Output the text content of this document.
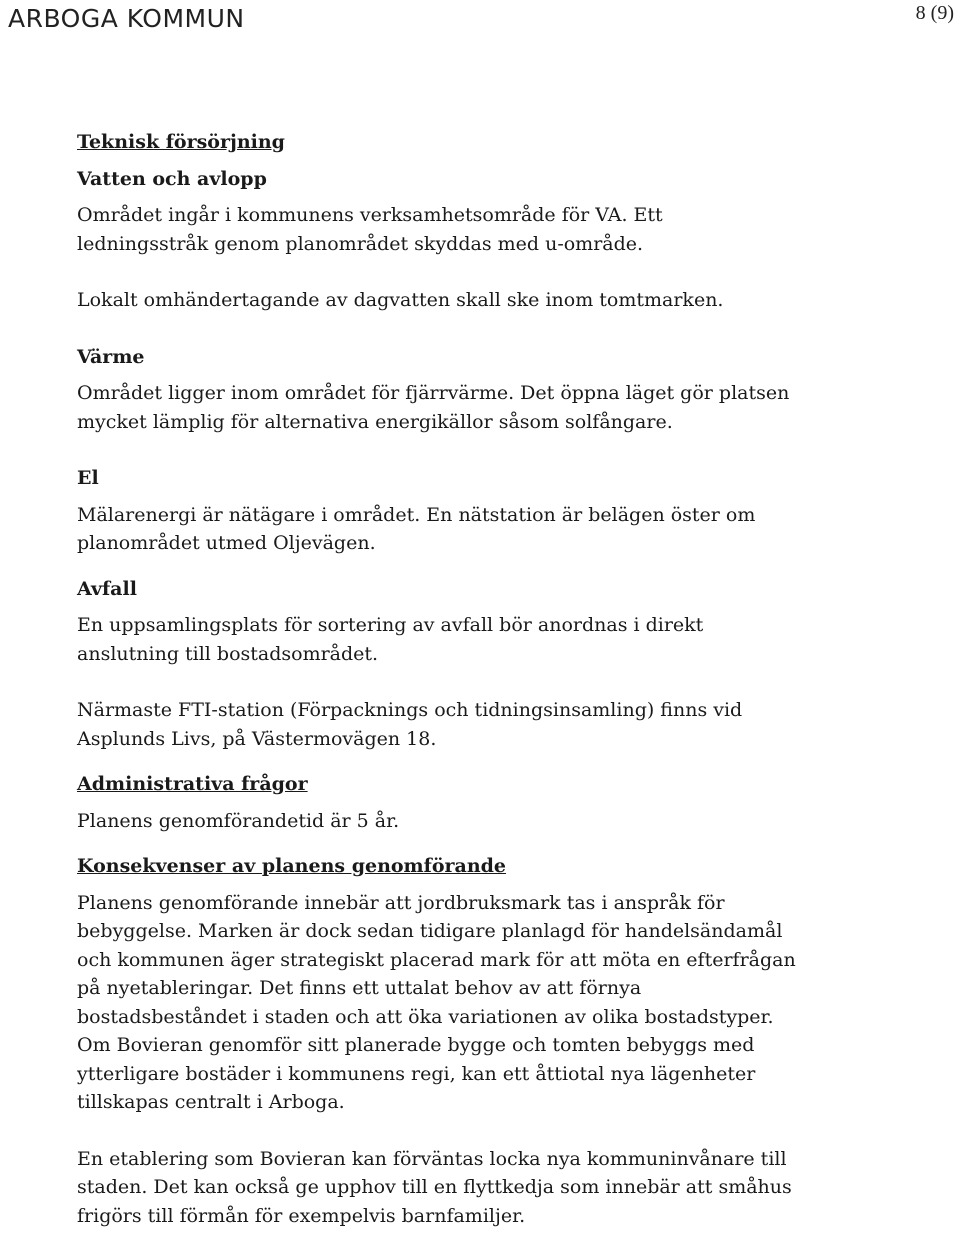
ARBOGA KOMMUN	8 (9)
Teknisk försörjning
Vatten och avlopp

Området ingår i kommunens verksamhetsområde för VA. Ett

ledningsstråk genom planområdet skyddas med u-område.

Lokalt omhändertagande av dagvatten skall ske inom tomtmarken.

Värme

Området ligger inom området för fjärrvärme. Det öppna läget gör platsen

mycket lämplig för alternativa energikällor såsom solfångare.

El

Mälarenergi är nätägare i området. En nätstation är belägen öster om

planområdet utmed Oljevägen.

Avfall

En uppsamlingsplats för sortering av avfall bör anordnas i direkt

anslutning till bostadsområdet.

Närmaste FTI-station (Förpacknings och tidningsinsamling) finns vid

Asplunds Livs, på Västermovägen 18.

Administrativa frågor

Planens genomförandetid är 5 år.

Konsekvenser av planens genomförande

Planens genomförande innebär att jordbruksmark tas i anspråk för

bebyggelse. Marken är dock sedan tidigare planlagd för handelsändamål

och kommunen äger strategiskt placerad mark för att möta en efterfrågan

på nyetableringar. Det finns ett uttalat behov av att förnya

bostadsbeståndet i staden och att öka variationen av olika bostadstyper.

Om Bovieran genomför sitt planerade bygge och tomten bebyggs med

ytterligare bostäder i kommunens regi, kan ett åttiotal nya lägenheter

tillskapas centralt i Arboga.

En etablering som Bovieran kan förväntas locka nya kommuninvånare till

staden. Det kan också ge upphov till en flyttkedja som innebär att småhus

frigörs till förmån för exempelvis barnfamiljer.
